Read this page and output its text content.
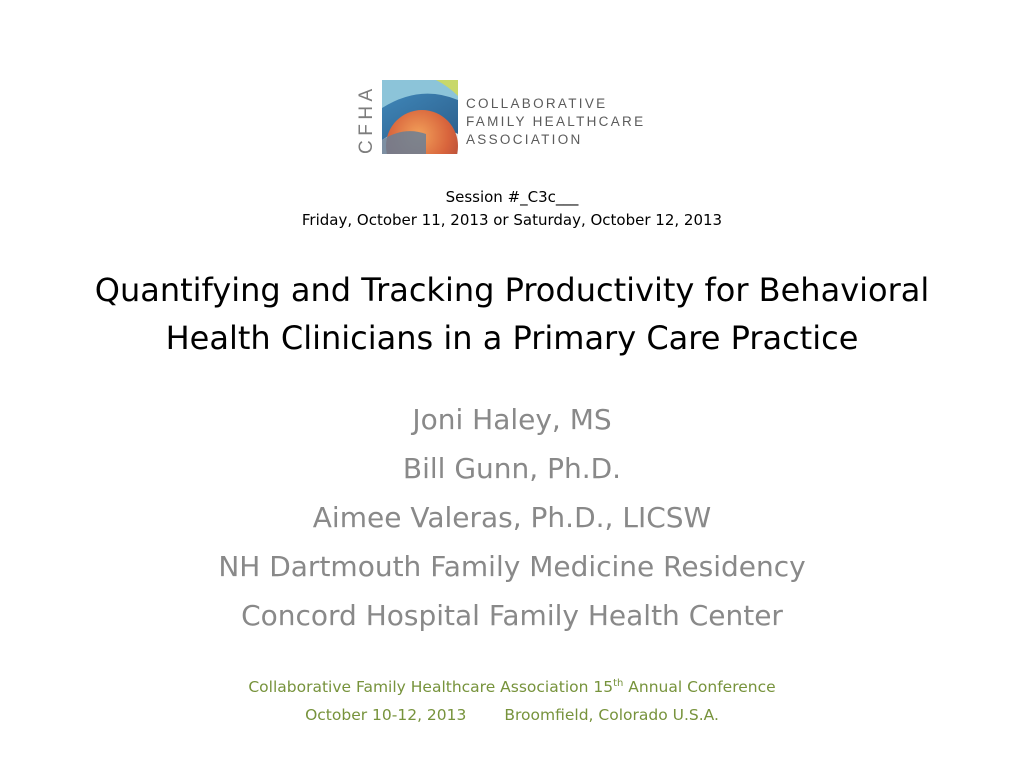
CFHA	COLLABORATIVE
FAMILY HEALTHCARE
ASSOCIATION
Session #_C3c___
Friday, October 11, 2013 or Saturday, October 12, 2013
Quantifying and Tracking Productivity for Behavioral
Health Clinicians in a Primary Care Practice
Joni Haley, MS
Bill Gunn, Ph.D.
Aimee Valeras, Ph.D., LICSW
NH Dartmouth Family Medicine Residency
Concord Hospital Family Health Center
Collaborative Family Healthcare Association 15th Annual Conference
October 10-12, 2013 Broomfield, Colorado U.S.A.
